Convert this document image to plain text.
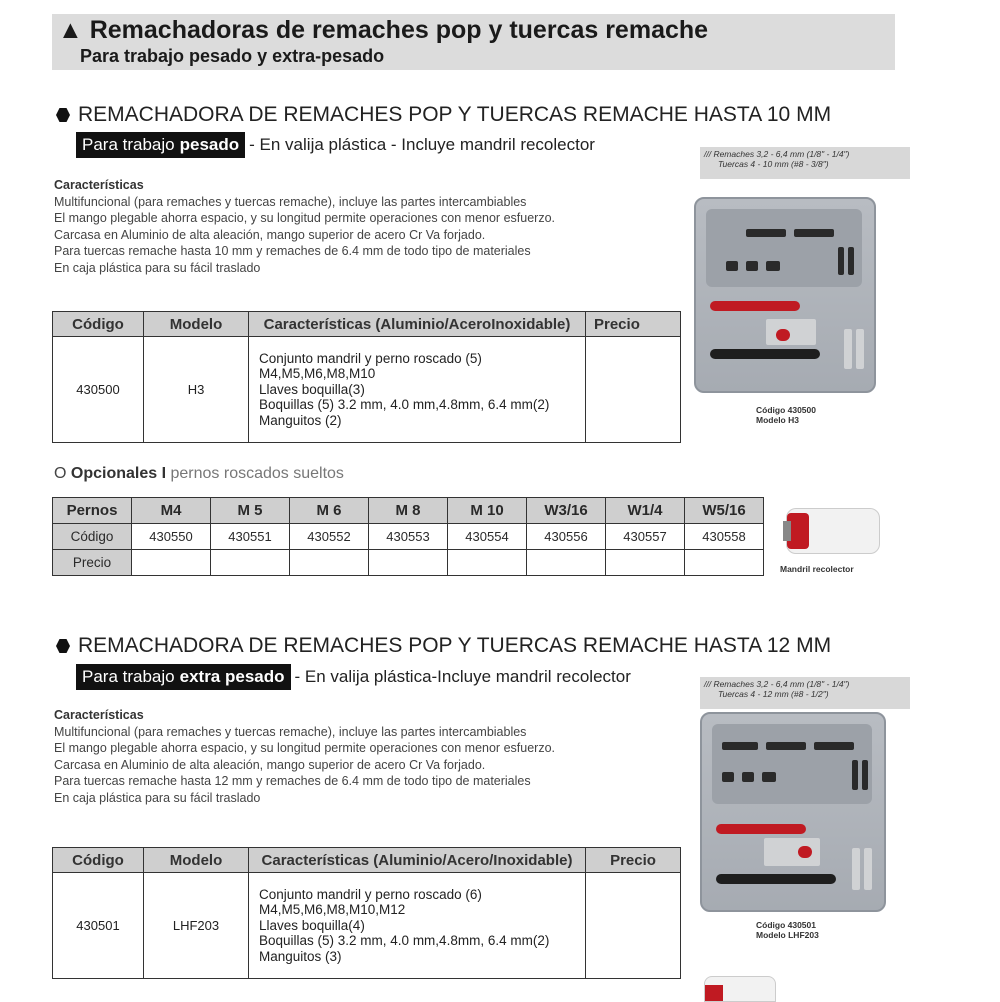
▲ Remachadoras de remaches pop y tuercas remache
Para trabajo pesado y extra-pesado
REMACHADORA DE REMACHES POP Y TUERCAS REMACHE HASTA 10 MM
Para trabajo pesado - En valija plástica - Incluye mandril recolector	/// Remaches 3,2 - 6,4 mm (1/8" - 1/4")
Tuercas 4 - 10 mm (#8 - 3/8")
Características
Multifuncional (para remaches y tuercas remache), incluye las partes intercambiables
El mango plegable ahorra espacio, y su longitud permite operaciones con menor esfuerzo.
Carcasa en Aluminio de alta aleación, mango superior de acero Cr Va forjado.
Para tuercas remache hasta 10 mm y remaches de 6.4 mm de todo tipo de materiales
En caja plástica para su fácil traslado
Código	Modelo	Características (Aluminio/AceroInoxidable)	Precio
430500	H3	Conjunto mandril y perno roscado (5)
M4,M5,M6,M8,M10
Llaves boquilla(3)
Boquillas (5) 3.2 mm, 4.0 mm,4.8mm, 6.4 mm(2)
Manguitos (2)	

Código 430500
Modelo H3
O Opcionales I pernos roscados sueltos
Pernos	M4	M 5	M 6	M 8	M 10	W3/16	W1/4	W5/16
Código	430550	430551	430552	430553	430554	430556	430557	430558
Precio									Mandril recolector
REMACHADORA DE REMACHES POP Y TUERCAS REMACHE HASTA 12 MM
Para trabajo extra pesado - En valija plástica-Incluye mandril recolector	/// Remaches 3,2 - 6,4 mm (1/8" - 1/4")
Tuercas 4 - 12 mm (#8 - 1/2")
Características
Multifuncional (para remaches y tuercas remache), incluye las partes intercambiables
El mango plegable ahorra espacio, y su longitud permite operaciones con menor esfuerzo.
Carcasa en Aluminio de alta aleación, mango superior de acero Cr Va forjado.
Para tuercas remache hasta 12 mm y remaches de 6.4 mm de todo tipo de materiales
En caja plástica para su fácil traslado
Código	Modelo	Características (Aluminio/Acero/Inoxidable)	Precio
430501	LHF203	Conjunto mandril y perno roscado (6)
M4,M5,M6,M8,M10,M12
Llaves boquilla(4)
Boquillas (5) 3.2 mm, 4.0 mm,4.8mm, 6.4 mm(2)
Manguitos (3)	

Código 430501
Modelo LHF203
